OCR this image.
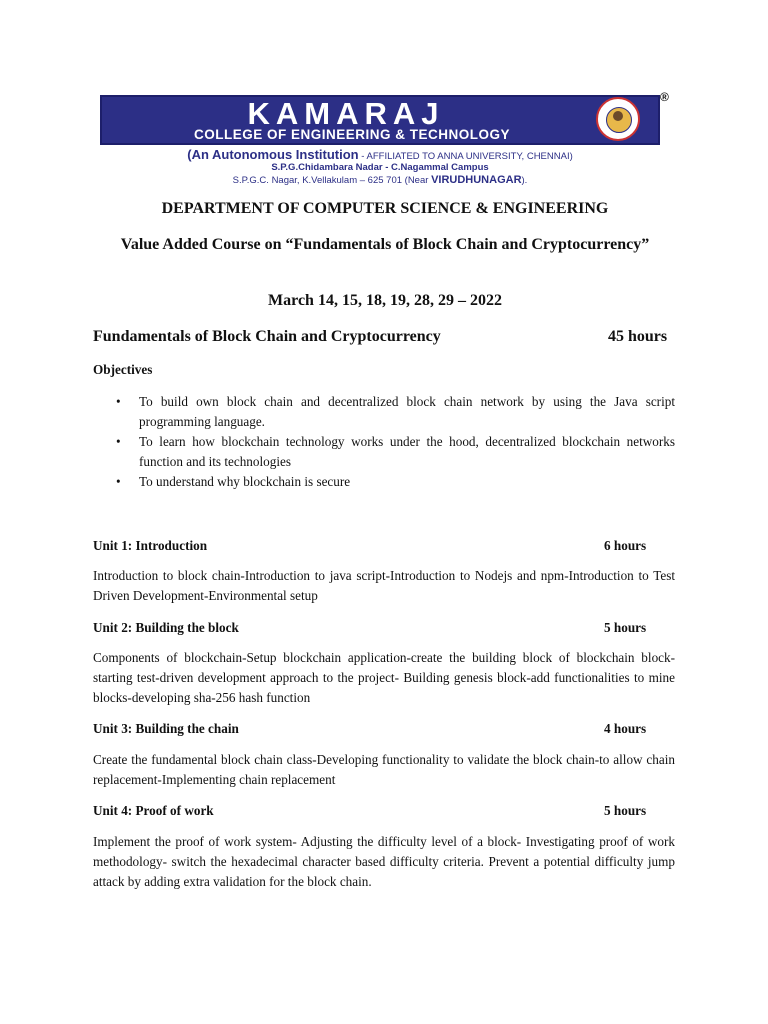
KAMARAJ
COLLEGE OF ENGINEERING & TECHNOLOGY
®
(An Autonomous Institution - AFFILIATED TO ANNA UNIVERSITY, CHENNAI)
S.P.G.Chidambara Nadar - C.Nagammal Campus
S.P.G.C. Nagar, K.Vellakulam – 625 701 (Near VIRUDHUNAGAR).
DEPARTMENT OF COMPUTER SCIENCE & ENGINEERING
Value Added Course on “Fundamentals of Block Chain and Cryptocurrency”
March 14, 15, 18, 19, 28, 29 – 2022
Fundamentals of Block Chain and Cryptocurrency	45 hours
Objectives
• To build own block chain and decentralized block chain network by using the Java script programming language.
• To learn how blockchain technology works under the hood, decentralized blockchain networks function and its technologies
• To understand why blockchain is secure
Unit 1: Introduction	6 hours
Introduction to block chain-Introduction to java script-Introduction to Nodejs and npm-Introduction to Test Driven Development-Environmental setup
Unit 2: Building the block	5 hours
Components of blockchain-Setup blockchain application-create the building block of blockchain block-starting test-driven development approach to the project- Building genesis block-add functionalities to mine blocks-developing sha-256 hash function
Unit 3: Building the chain	4 hours
Create the fundamental block chain class-Developing functionality to validate the block chain-to allow chain replacement-Implementing chain replacement
Unit 4: Proof of work	5 hours
Implement the proof of work system- Adjusting the difficulty level of a block- Investigating proof of work methodology- switch the hexadecimal character based difficulty criteria. Prevent a potential difficulty jump attack by adding extra validation for the block chain.
